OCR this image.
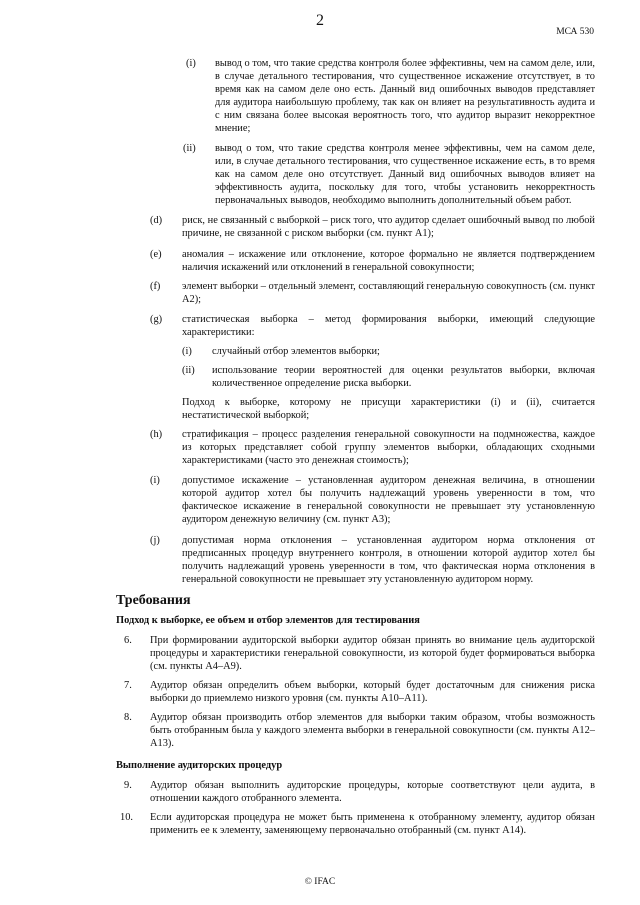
2
МСА 530
(i) вывод о том, что такие средства контроля более эффективны, чем на самом деле, или, в случае детального тестирования, что существенное искажение отсутствует, в то время как на самом деле оно есть. Данный вид ошибочных выводов представляет для аудитора наибольшую проблему, так как он влияет на результативность аудита и с ним связана более высокая вероятность того, что аудитор выразит некорректное мнение;
(ii) вывод о том, что такие средства контроля менее эффективны, чем на самом деле, или, в случае детального тестирования, что существенное искажение есть, в то время как на самом деле оно отсутствует. Данный вид ошибочных выводов влияет на эффективность аудита, поскольку для того, чтобы установить некорректность первоначальных выводов, необходимо выполнить дополнительный объем работ.
(d) риск, не связанный с выборкой – риск того, что аудитор сделает ошибочный вывод по любой причине, не связанной с риском выборки (см. пункт A1);
(e) аномалия – искажение или отклонение, которое формально не является подтверждением наличия искажений или отклонений в генеральной совокупности;
(f) элемент выборки – отдельный элемент, составляющий генеральную совокупность (см. пункт A2);
(g) статистическая выборка – метод формирования выборки, имеющий следующие характеристики:
(i) случайный отбор элементов выборки;
(ii) использование теории вероятностей для оценки результатов выборки, включая количественное определение риска выборки.
Подход к выборке, которому не присущи характеристики (i) и (ii), считается нестатистической выборкой;
(h) стратификация – процесс разделения генеральной совокупности на подмножества, каждое из которых представляет собой группу элементов выборки, обладающих сходными характеристиками (часто это денежная стоимость);
(i) допустимое искажение – установленная аудитором денежная величина, в отношении которой аудитор хотел бы получить надлежащий уровень уверенности в том, что фактическое искажение в генеральной совокупности не превышает эту установленную аудитором денежную величину (см. пункт A3);
(j) допустимая норма отклонения – установленная аудитором норма отклонения от предписанных процедур внутреннего контроля, в отношении которой аудитор хотел бы получить надлежащий уровень уверенности в том, что фактическая норма отклонения в генеральной совокупности не превышает эту установленную аудитором норму.
Требования
Подход к выборке, ее объем и отбор элементов для тестирования
6. При формировании аудиторской выборки аудитор обязан принять во внимание цель аудиторской процедуры и характеристики генеральной совокупности, из которой будет формироваться выборка (см. пункты A4–A9).
7. Аудитор обязан определить объем выборки, который будет достаточным для снижения риска выборки до приемлемо низкого уровня (см. пункты A10–A11).
8. Аудитор обязан производить отбор элементов для выборки таким образом, чтобы возможность быть отобранным была у каждого элемента выборки в генеральной совокупности (см. пункты A12–A13).
Выполнение аудиторских процедур
9. Аудитор обязан выполнить аудиторские процедуры, которые соответствуют цели аудита, в отношении каждого отобранного элемента.
10. Если аудиторская процедура не может быть применена к отобранному элементу, аудитор обязан применить ее к элементу, заменяющему первоначально отобранный (см. пункт A14).
© IFAC
